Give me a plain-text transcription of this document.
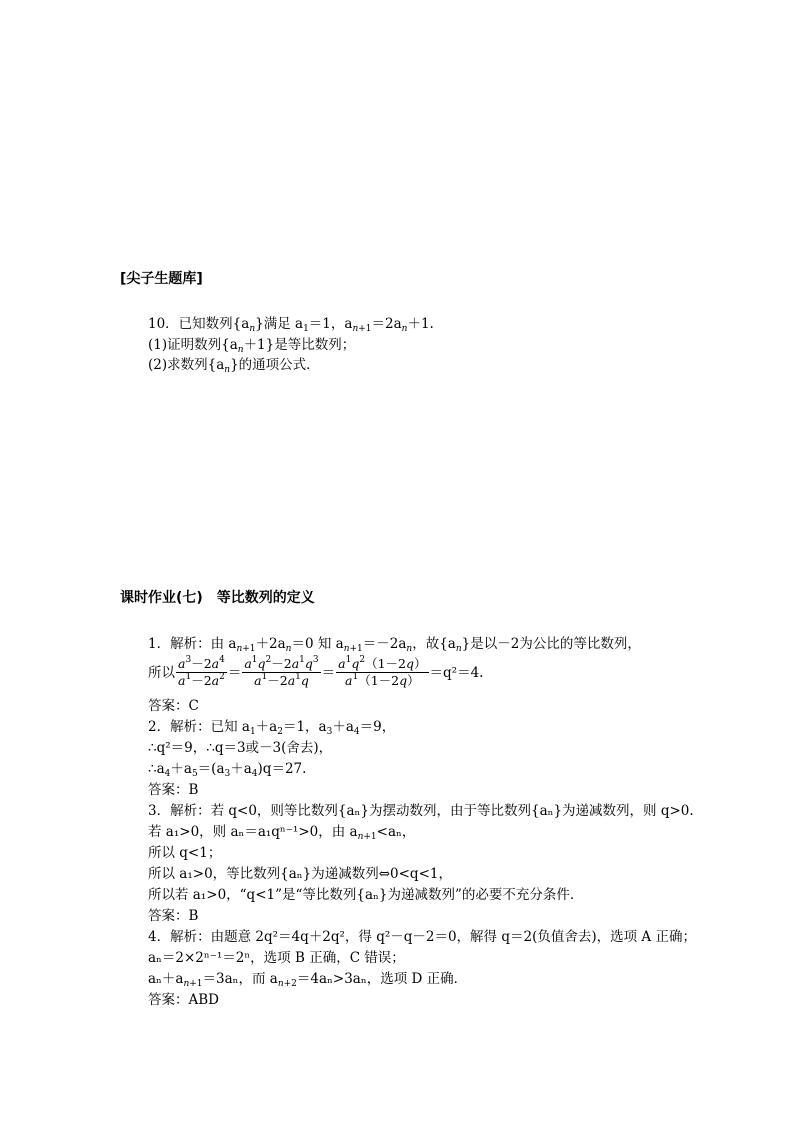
[尖子生题库]
10．已知数列$\{a_n\}$满足 $a_1=1$，$a_{n+1}=2a_n+1$.
(1)证明数列$\{a_n+1\}$是等比数列；
(2)求数列$\{a_n\}$的通项公式．
课时作业(七)　等比数列的定义
1．解析：由 $a_{n+1}+2a_n=0$ 知 $a_{n+1}=-2a_n$，故$\{a_n\}$是以－2为公比的等比数列，
所以 $\frac{a^3-2a^4}{a^1-2a^2} = \frac{a^1q^2-2a^1q^3}{a^1-2a^1q} = \frac{a^1q^2(1-2q)}{a^1(1-2q)} =q^2=4$.
答案：C
2．解析：已知 $a_1+a_2=1$，$a_3+a_4=9$，
∴q²＝9，∴q＝3或－3(舍去)，
$\therefore a_4+a_5=(a_3+a_4)q=27$.
答案：B
3．解析：若 q<0，则等比数列{aₙ}为摆动数列，由于等比数列{aₙ}为递减数列，则 q>0.
若 a₁>0，则 aₙ＝a₁qⁿ⁻¹>0，由 $a_{n+1}<a_n$，
所以 q<1；
所以 a₁>0，等比数列{aₙ}为递减数列⇔0<q<1，
所以若 a₁>0，“q<1”是“等比数列{aₙ}为递减数列”的必要不充分条件．
答案：B
4．解析：由题意 2q²＝4q＋2q²，得 q²－q－2＝0，解得 q＝2(负值舍去)，选项 A 正确；
aₙ＝2×2ⁿ⁻¹＝2ⁿ，选项 B 正确，C 错误；
$a_n+a_{n+1}=3a_n$，而 $a_{n+2}=4a_n>3a_n$，选项 D 正确．
答案：ABD
